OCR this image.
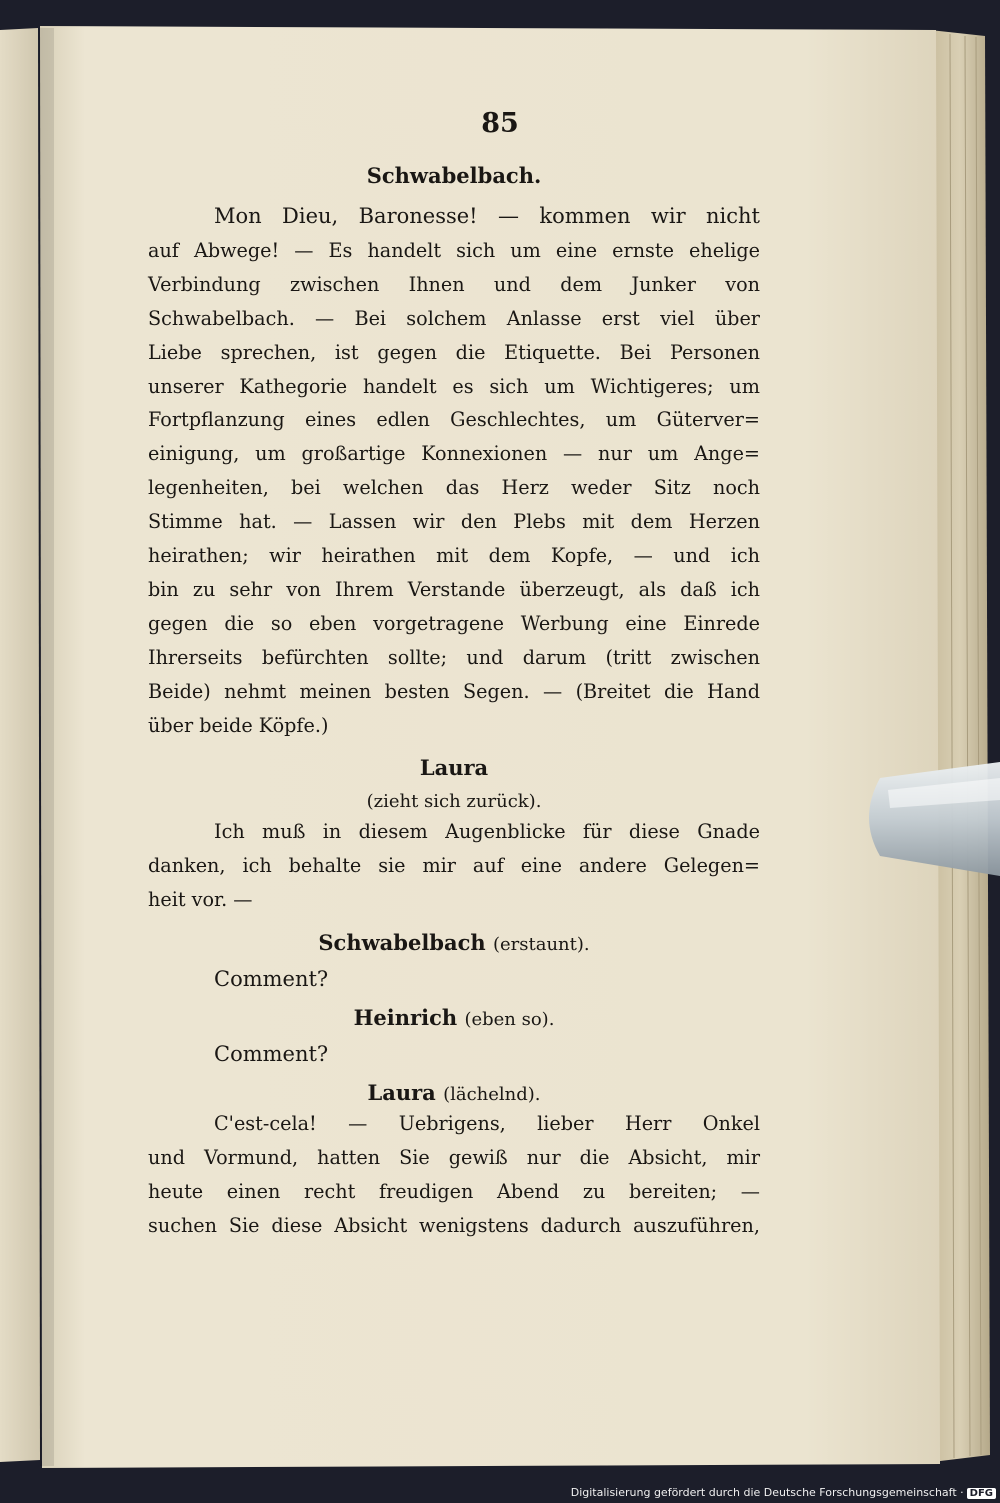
85
Schwabelbach.
Mon Dieu, Baronesse! — kommen wir nicht
auf Abwege! — Es handelt sich um eine ernste ehelige
Verbindung zwischen Ihnen und dem Junker von
Schwabelbach. — Bei solchem Anlasse erst viel über
Liebe sprechen, ist gegen die Etiquette. Bei Personen
unserer Kathegorie handelt es sich um Wichtigeres; um
Fortpflanzung eines edlen Geschlechtes, um Güterver=
einigung, um großartige Konnexionen — nur um Ange=
legenheiten, bei welchen das Herz weder Sitz noch
Stimme hat. — Lassen wir den Plebs mit dem Herzen
heirathen; wir heirathen mit dem Kopfe, — und ich
bin zu sehr von Ihrem Verstande überzeugt, als daß ich
gegen die so eben vorgetragene Werbung eine Einrede
Ihrerseits befürchten sollte; und darum (tritt zwischen
Beide) nehmt meinen besten Segen. — (Breitet die Hand
über beide Köpfe.)
Laura
(zieht sich zurück).
Ich muß in diesem Augenblicke für diese Gnade
danken, ich behalte sie mir auf eine andere Gelegen=
heit vor. —
Schwabelbach (erstaunt).
Comment?
Heinrich (eben so).
Comment?
Laura (lächelnd).
C'est-cela! — Uebrigens, lieber Herr Onkel
und Vormund, hatten Sie gewiß nur die Absicht, mir
heute einen recht freudigen Abend zu bereiten; —
suchen Sie diese Absicht wenigstens dadurch auszuführen,
Digitalisierung gefördert durch die Deutsche Forschungsgemeinschaft · DFG
